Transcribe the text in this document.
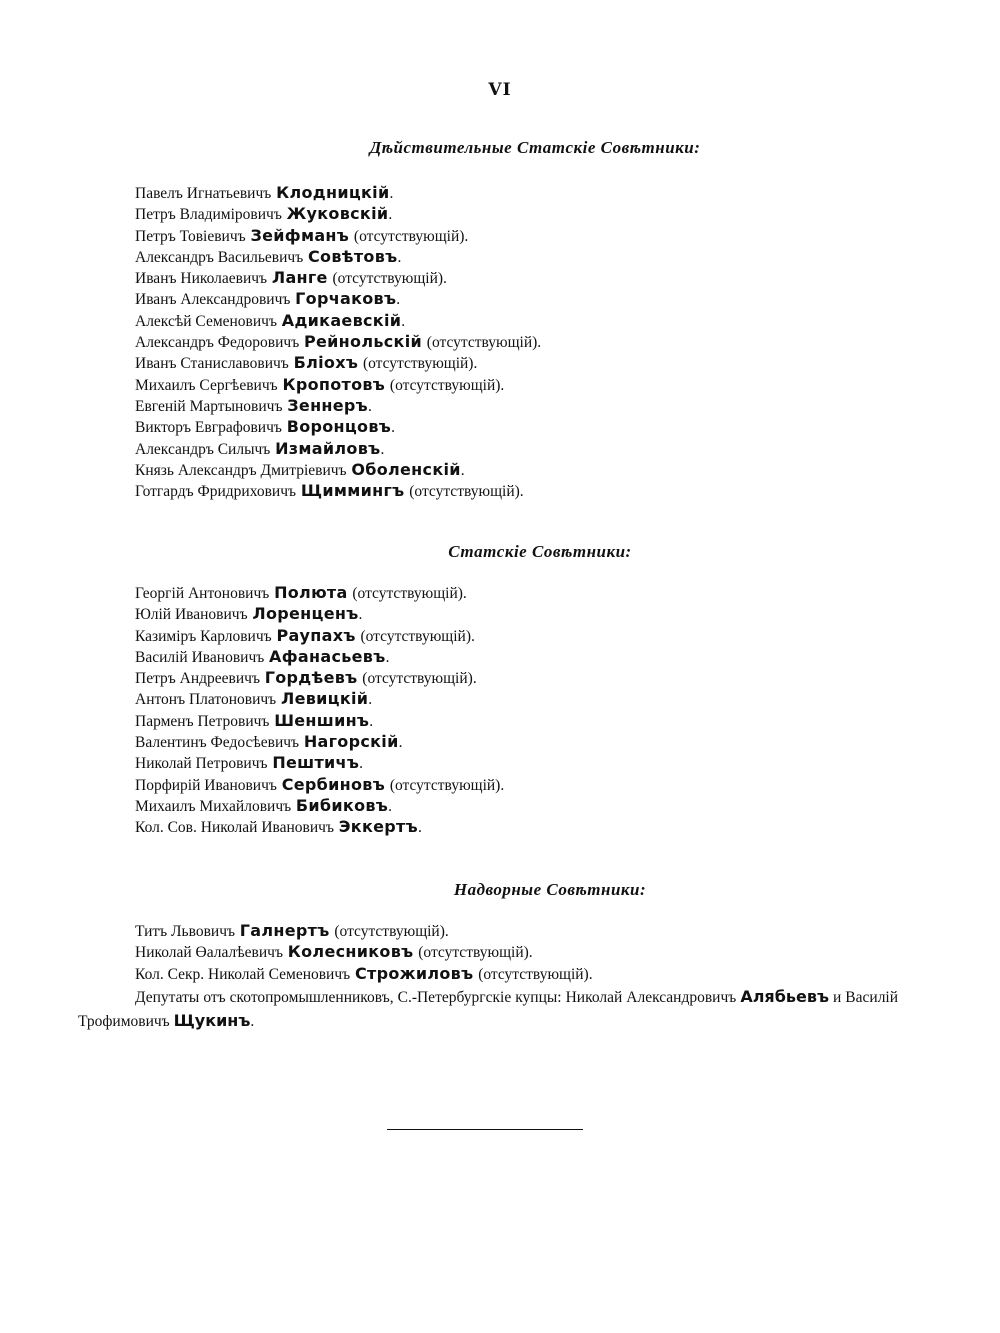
VI
Дѣйствительные Статскіе Совѣтники:
Павелъ Игнатьевичъ Клодницкій.
Петръ Владиміровичъ Жуковскій.
Петръ Товіевичъ Зейфманъ (отсутствующій).
Александръ Васильевичъ Совѣтовъ.
Иванъ Николаевичъ Ланге (отсутствующій).
Иванъ Александровичъ Горчаковъ.
Алексѣй Семеновичъ Адикаевскій.
Александръ Федоровичъ Рейнольскій (отсутствующій).
Иванъ Станиславовичъ Бліохъ (отсутствующій).
Михаилъ Сергѣевичъ Кропотовъ (отсутствующій).
Евгеній Мартыновичъ Зеннеръ.
Викторъ Евграфовичъ Воронцовъ.
Александръ Силычъ Измайловъ.
Князь Александръ Дмитріевичъ Оболенскій.
Готгардъ Фридриховичъ Щиммингъ (отсутствующій).
Статскіе Совѣтники:
Георгій Антоновичъ Полюта (отсутствующій).
Юлій Ивановичъ Лоренценъ.
Казиміръ Карловичъ Раупахъ (отсутствующій).
Василій Ивановичъ Афанасьевъ.
Петръ Андреевичъ Гордѣевъ (отсутствующій).
Антонъ Платоновичъ Левицкій.
Парменъ Петровичъ Шеншинъ.
Валентинъ Федосѣевичъ Нагорскій.
Николай Петровичъ Пештичъ.
Порфирій Ивановичъ Сербиновъ (отсутствующій).
Михаилъ Михайловичъ Бибиковъ.
Кол. Сов. Николай Ивановичъ Эккертъ.
Надворные Совѣтники:
Титъ Львовичъ Галнертъ (отсутствующій).
Николай Өалалѣевичъ Колесниковъ (отсутствующій).
Кол. Секр. Николай Семеновичъ Строжиловъ (отсутствующій).

Депутаты отъ скотопромышленниковъ, С.-Петербургскіе купцы: Николай Александровичъ Алябьевъ и Василій Трофимовичъ Щукинъ.
